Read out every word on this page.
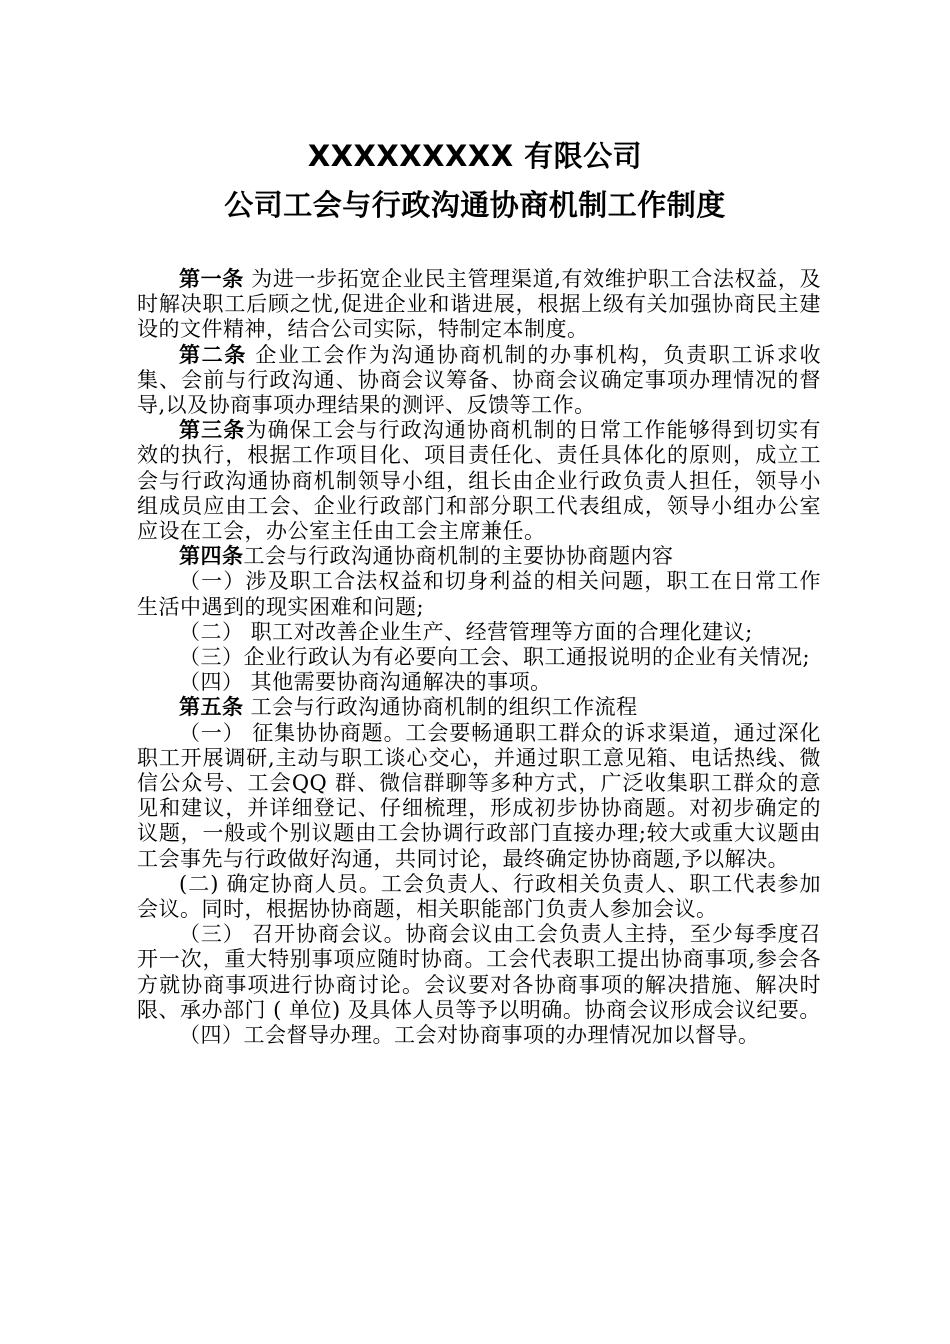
XXXXXXXXX 有限公司
公司工会与行政沟通协商机制工作制度

第一条 为进一步拓宽企业民主管理渠道,有效维护职工合法权益，及时解决职工后顾之忧,促进企业和谐进展，根据上级有关加强协商民主建设的文件精神，结合公司实际，特制定本制度。

第二条 企业工会作为沟通协商机制的办事机构，负责职工诉求收集、会前与行政沟通、协商会议筹备、协商会议确定事项办理情况的督导,以及协商事项办理结果的测评、反馈等工作。

第三条为确保工会与行政沟通协商机制的日常工作能够得到切实有效的执行，根据工作项目化、项目责任化、责任具体化的原则，成立工会与行政沟通协商机制领导小组，组长由企业行政负责人担任，领导小组成员应由工会、企业行政部门和部分职工代表组成，领导小组办公室应设在工会，办公室主任由工会主席兼任。

第四条工会与行政沟通协商机制的主要协协商题内容

（一）涉及职工合法权益和切身利益的相关问题，职工在日常工作生活中遇到的现实困难和问题;

（二） 职工对改善企业生产、经营管理等方面的合理化建议;

（三）企业行政认为有必要向工会、职工通报说明的企业有关情况;

（四） 其他需要协商沟通解决的事项。

第五条 工会与行政沟通协商机制的组织工作流程

（一） 征集协协商题。工会要畅通职工群众的诉求渠道，通过深化职工开展调研,主动与职工谈心交心，并通过职工意见箱、电话热线、微信公众号、工会QQ 群、微信群聊等多种方式，广泛收集职工群众的意见和建议，并详细登记、仔细梳理，形成初步协协商题。对初步确定的议题，一般或个别议题由工会协调行政部门直接办理;较大或重大议题由工会事先与行政做好沟通，共同讨论，最终确定协协商题,予以解决。

(二) 确定协商人员。工会负责人、行政相关负责人、职工代表参加会议。同时，根据协协商题，相关职能部门负责人参加会议。

（三） 召开协商会议。协商会议由工会负责人主持，至少每季度召开一次，重大特别事项应随时协商。工会代表职工提出协商事项,参会各方就协商事项进行协商讨论。会议要对各协商事项的解决措施、解决时限、承办部门 ( 单位) 及具体人员等予以明确。协商会议形成会议纪要。

（四）工会督导办理。工会对协商事项的办理情况加以督导。
